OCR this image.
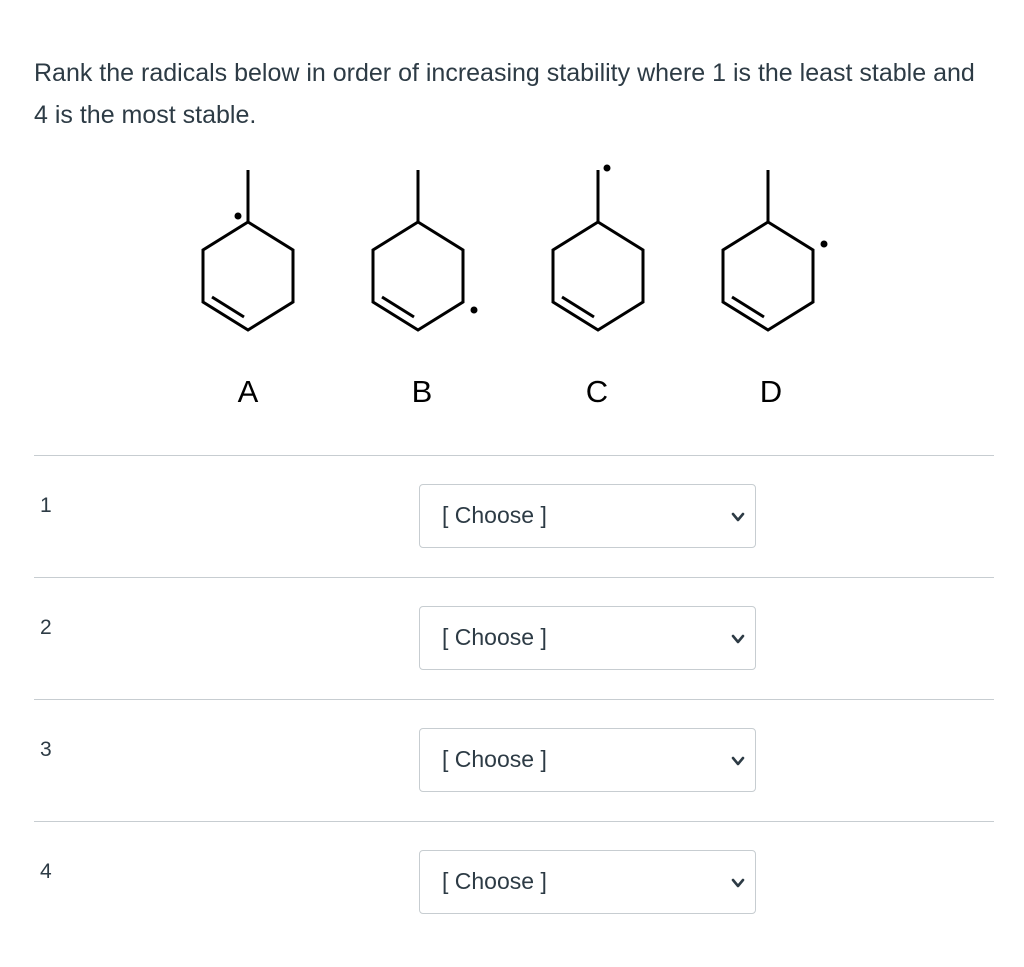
Rank the radicals below in order of increasing stability where 1 is the least stable and 4 is the most stable.

A	B	C	D
1	[ Choose ]
2	[ Choose ]
3	[ Choose ]
4	[ Choose ]
